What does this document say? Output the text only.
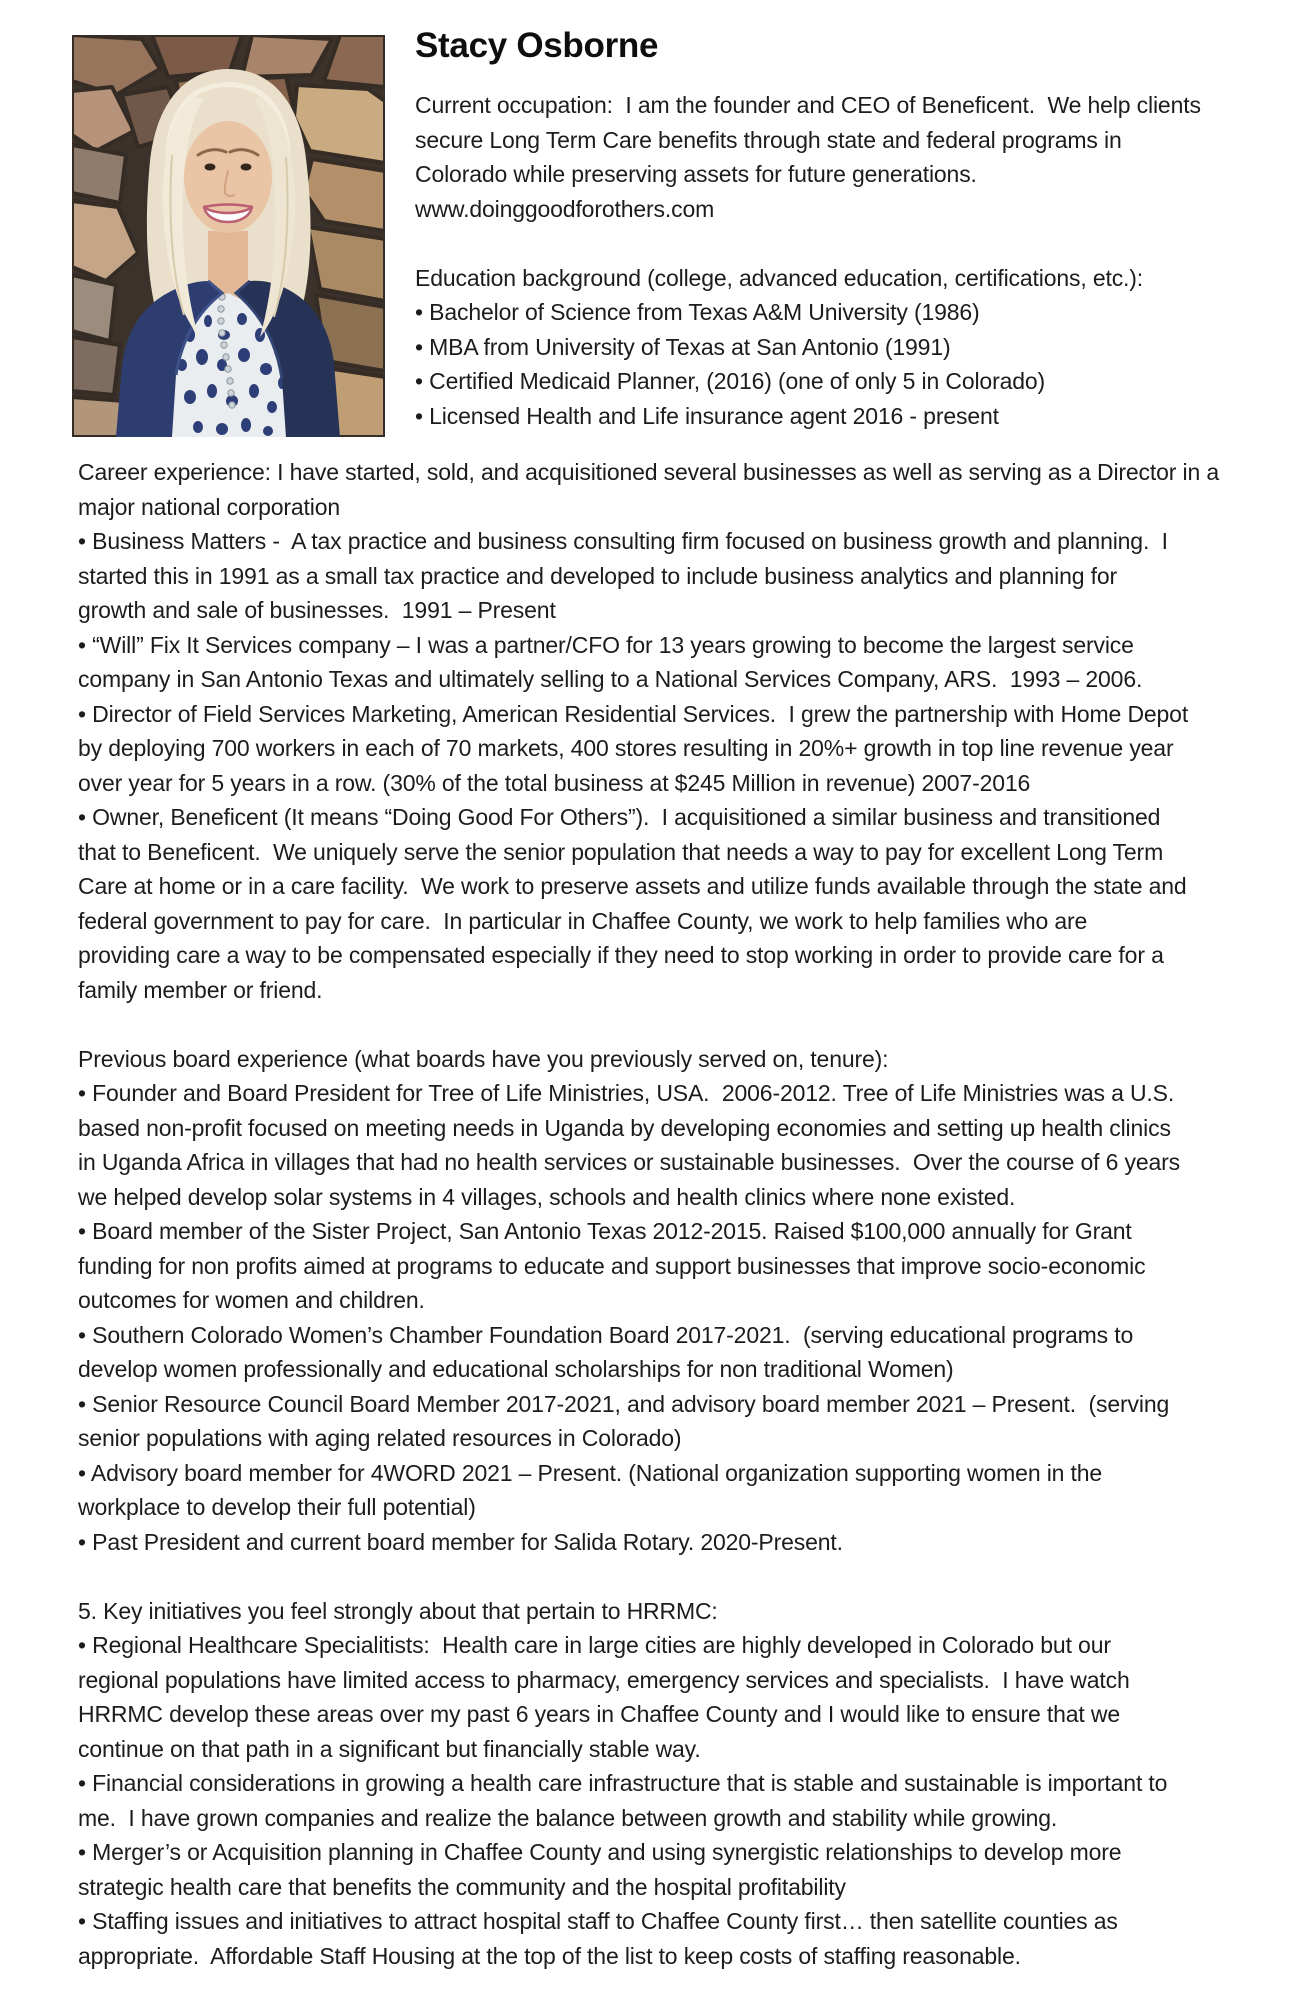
Stacy Osborne
Current occupation:  I am the founder and CEO of Beneficent.  We help clients
secure Long Term Care benefits through state and federal programs in
Colorado while preserving assets for future generations.
www.doinggoodforothers.com
Education background (college, advanced education, certifications, etc.):
• Bachelor of Science from Texas A&M University (1986)
• MBA from University of Texas at San Antonio (1991)
• Certified Medicaid Planner, (2016) (one of only 5 in Colorado)
• Licensed Health and Life insurance agent 2016 - present
Career experience: I have started, sold, and acquisitioned several businesses as well as serving as a Director in a
major national corporation
• Business Matters -  A tax practice and business consulting firm focused on business growth and planning.  I
started this in 1991 as a small tax practice and developed to include business analytics and planning for
growth and sale of businesses.  1991 – Present
• “Will” Fix It Services company – I was a partner/CFO for 13 years growing to become the largest service
company in San Antonio Texas and ultimately selling to a National Services Company, ARS.  1993 – 2006.
• Director of Field Services Marketing, American Residential Services.  I grew the partnership with Home Depot
by deploying 700 workers in each of 70 markets, 400 stores resulting in 20%+ growth in top line revenue year
over year for 5 years in a row. (30% of the total business at $245 Million in revenue) 2007-2016
• Owner, Beneficent (It means “Doing Good For Others”).  I acquisitioned a similar business and transitioned
that to Beneficent.  We uniquely serve the senior population that needs a way to pay for excellent Long Term
Care at home or in a care facility.  We work to preserve assets and utilize funds available through the state and
federal government to pay for care.  In particular in Chaffee County, we work to help families who are
providing care a way to be compensated especially if they need to stop working in order to provide care for a
family member or friend.
Previous board experience (what boards have you previously served on, tenure):
• Founder and Board President for Tree of Life Ministries, USA.  2006-2012. Tree of Life Ministries was a U.S.
based non-profit focused on meeting needs in Uganda by developing economies and setting up health clinics
in Uganda Africa in villages that had no health services or sustainable businesses.  Over the course of 6 years
we helped develop solar systems in 4 villages, schools and health clinics where none existed.
• Board member of the Sister Project, San Antonio Texas 2012-2015. Raised $100,000 annually for Grant
funding for non profits aimed at programs to educate and support businesses that improve socio-economic
outcomes for women and children.
• Southern Colorado Women’s Chamber Foundation Board 2017-2021.  (serving educational programs to
develop women professionally and educational scholarships for non traditional Women)
• Senior Resource Council Board Member 2017-2021, and advisory board member 2021 – Present.  (serving
senior populations with aging related resources in Colorado)
• Advisory board member for 4WORD 2021 – Present. (National organization supporting women in the
workplace to develop their full potential)
• Past President and current board member for Salida Rotary. 2020-Present.
5. Key initiatives you feel strongly about that pertain to HRRMC:
• Regional Healthcare Specialitists:  Health care in large cities are highly developed in Colorado but our
regional populations have limited access to pharmacy, emergency services and specialists.  I have watch
HRRMC develop these areas over my past 6 years in Chaffee County and I would like to ensure that we
continue on that path in a significant but financially stable way.
• Financial considerations in growing a health care infrastructure that is stable and sustainable is important to
me.  I have grown companies and realize the balance between growth and stability while growing.
• Merger’s or Acquisition planning in Chaffee County and using synergistic relationships to develop more
strategic health care that benefits the community and the hospital profitability
• Staffing issues and initiatives to attract hospital staff to Chaffee County first… then satellite counties as
appropriate.  Affordable Staff Housing at the top of the list to keep costs of staffing reasonable.
